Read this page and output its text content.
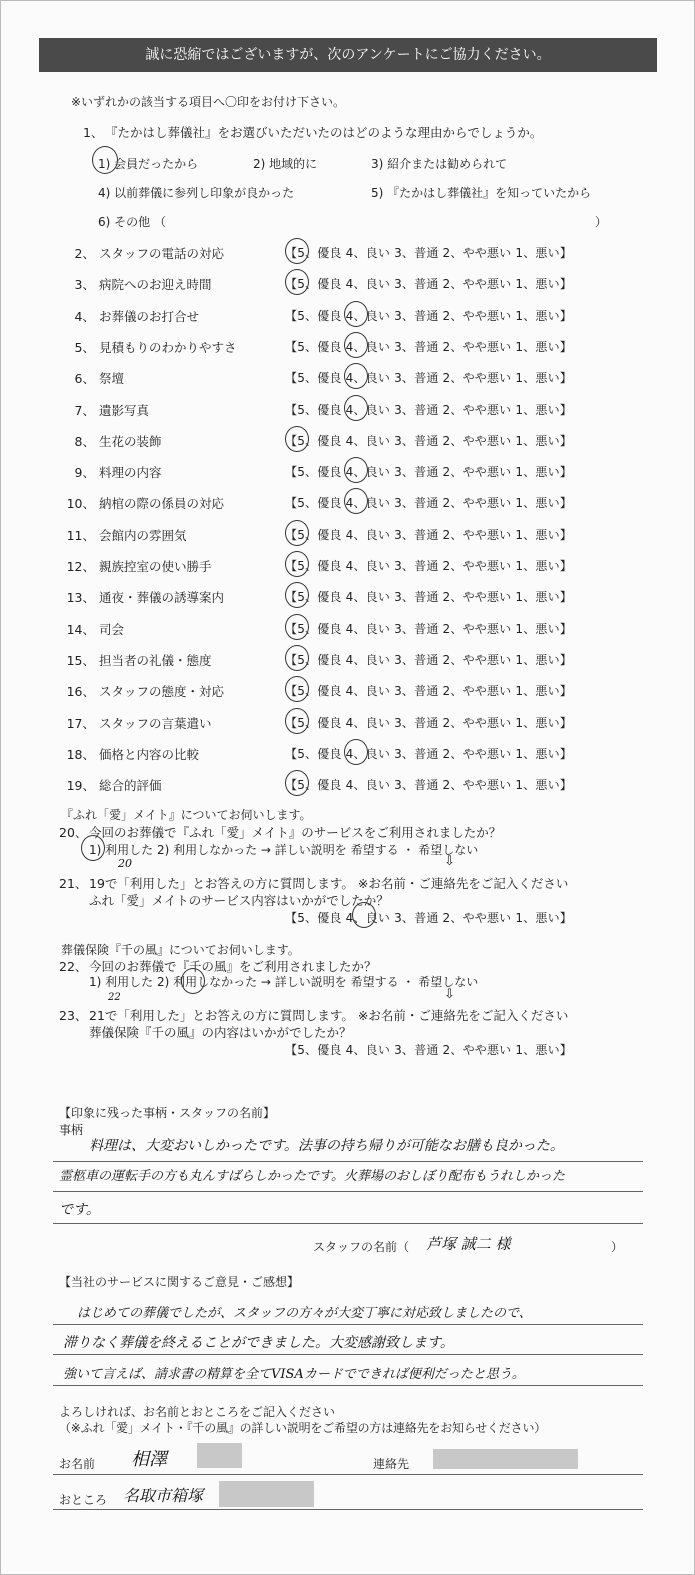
誠に恐縮ではございますが、次のアンケートにご協力ください。
※いずれかの該当する項目へ〇印をお付け下さい。
1、 『たかはし葬儀社』をお選びいただいたのはどのような理由からでしょうか。
1) 会員だったから	2) 地域的に	3) 紹介または勧められて
4) 以前葬儀に参列し印象が良かった	5) 『たかはし葬儀社』を知っていたから
6) その他 （	）
2、 スタッフの電話の対応	【5、優良 4、良い 3、普通 2、やや悪い 1、悪い】
3、 病院へのお迎え時間	【5、優良 4、良い 3、普通 2、やや悪い 1、悪い】
4、 お葬儀のお打合せ	【5、優良 4、良い 3、普通 2、やや悪い 1、悪い】
5、 見積もりのわかりやすさ	【5、優良 4、良い 3、普通 2、やや悪い 1、悪い】
6、 祭壇	【5、優良 4、良い 3、普通 2、やや悪い 1、悪い】
7、 遺影写真	【5、優良 4、良い 3、普通 2、やや悪い 1、悪い】
8、 生花の装飾	【5、優良 4、良い 3、普通 2、やや悪い 1、悪い】
9、 料理の内容	【5、優良 4、良い 3、普通 2、やや悪い 1、悪い】
10、 納棺の際の係員の対応	【5、優良 4、良い 3、普通 2、やや悪い 1、悪い】
11、 会館内の雰囲気	【5、優良 4、良い 3、普通 2、やや悪い 1、悪い】
12、 親族控室の使い勝手	【5、優良 4、良い 3、普通 2、やや悪い 1、悪い】
13、 通夜・葬儀の誘導案内	【5、優良 4、良い 3、普通 2、やや悪い 1、悪い】
14、 司会	【5、優良 4、良い 3、普通 2、やや悪い 1、悪い】
15、 担当者の礼儀・態度	【5、優良 4、良い 3、普通 2、やや悪い 1、悪い】
16、 スタッフの態度・対応	【5、優良 4、良い 3、普通 2、やや悪い 1、悪い】
17、 スタッフの言葉遣い	【5、優良 4、良い 3、普通 2、やや悪い 1、悪い】
18、 価格と内容の比較	【5、優良 4、良い 3、普通 2、やや悪い 1、悪い】
19、 総合的評価	【5、優良 4、良い 3、普通 2、やや悪い 1、悪い】
『ふれ「愛」メイト』についてお伺いします。
20、 今回のお葬儀で『ふれ「愛」メイト』のサービスをご利用されましたか？
1) 利用した 2) 利用しなかった → 詳しい説明を 希望する ・ 希望しない
⇩
21、 19で「利用した」とお答えの方に質問します。 ※お名前・ご連絡先をご記入ください
20
ふれ「愛」メイトのサービス内容はいかがでしたか？
【5、優良 4、良い 3、普通 2、やや悪い 1、悪い】
葬儀保険『千の風』についてお伺いします。
22、 今回のお葬儀で『千の風』をご利用されましたか？
1) 利用した 2) 利用しなかった → 詳しい説明を 希望する ・ 希望しない
⇩
23、 21で「利用した」とお答えの方に質問します。 ※お名前・ご連絡先をご記入ください
22
葬儀保険『千の風』の内容はいかがでしたか？
【5、優良 4、良い 3、普通 2、やや悪い 1、悪い】
【印象に残った事柄・スタッフの名前】
事柄
料理は、大変おいしかったです。法事の持ち帰りが可能なお膳も良かった。
霊柩車の運転手の方も丸んすばらしかったです。火葬場のおしぼり配布もうれしかった
です。
スタッフの名前（ 芦塚 誠二 様	）
【当社のサービスに関するご意見・ご感想】
はじめての葬儀でしたが、スタッフの方々が大変丁寧に対応致しましたので、
滞りなく葬儀を終えることができました。大変感謝致します。
強いて言えば、請求書の精算を全てVISAカードでできれば便利だったと思う。
よろしければ、お名前とおところをご記入ください
（※ふれ「愛」メイト・『千の風』の詳しい説明をご希望の方は連絡先をお知らせください）
お名前 相澤	連絡先
おところ 名取市箱塚
